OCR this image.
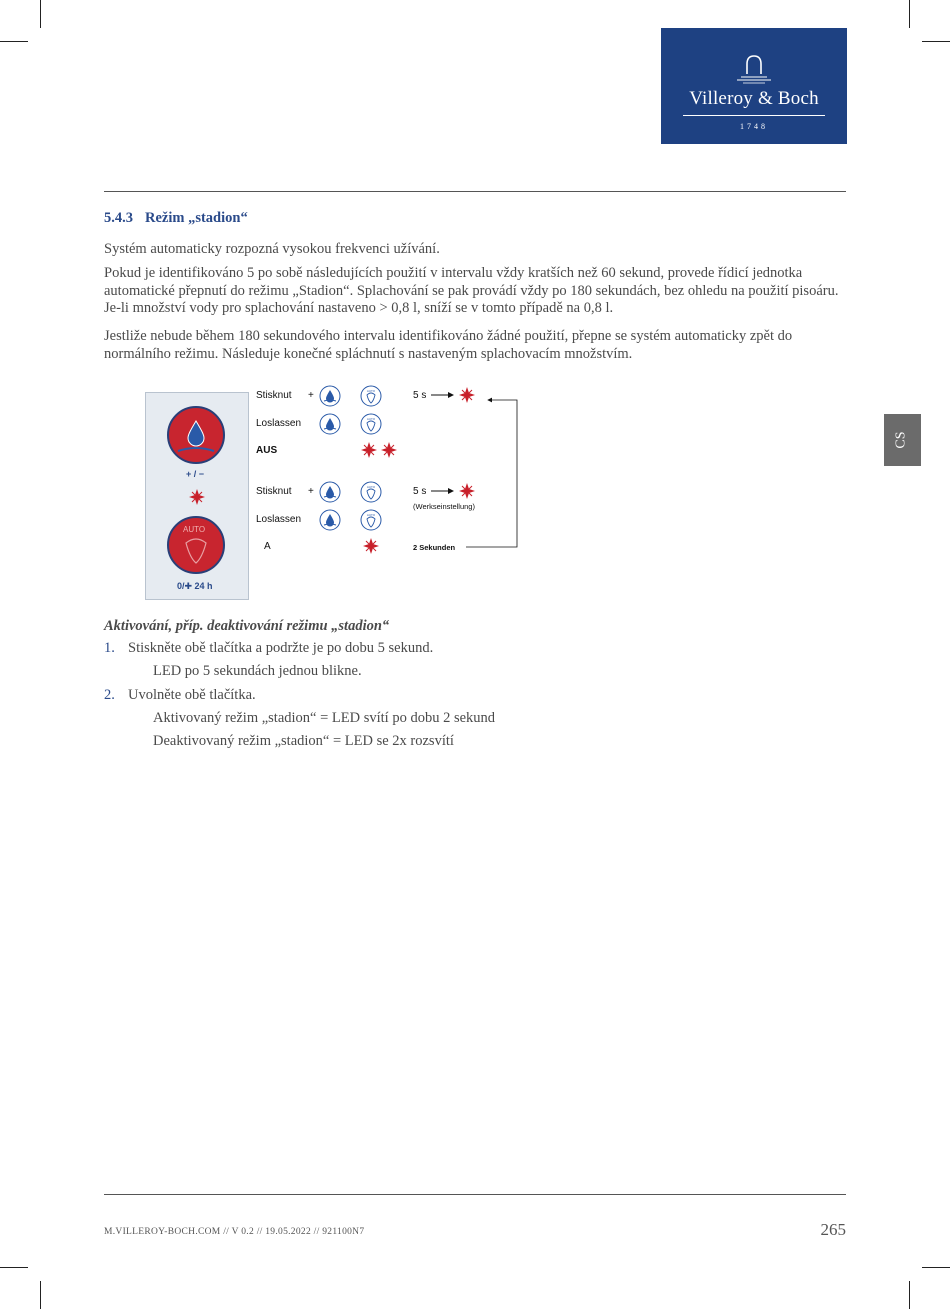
Villeroy & Boch
1748
CS
5.4.3 Režim „stadion“
Systém automaticky rozpozná vysokou frekvenci užívání.
Pokud je identifikováno 5 po sobě následujících použití v intervalu vždy kratších než 60 sekund, provede řídicí jednotka automatické přepnutí do režimu „Stadion“. Splachování se pak provádí vždy po 180 sekundách, bez ohledu na použití pisoáru. Je-li množství vody pro splachování nastaveno > 0,8 l, sníží se v tomto případě na 0,8 l.
Jestliže nebude během 180 sekundového intervalu identifikováno žádné použití, přepne se systém automaticky zpět do normálního režimu. Následuje konečné spláchnutí s nastaveným splachovacím množstvím.
+ / −
AUTO
0/✚ 24 h
Stisknut +
Loslassen
AUS
Stisknut +
Loslassen
A
5 s
5 s
(Werkseinstellung)
2 Sekunden
AUTO
Aktivování, příp. deaktivování režimu „stadion“
1. Stiskněte obě tlačítka a podržte je po dobu 5 sekund.
LED po 5 sekundách jednou blikne.
2. Uvolněte obě tlačítka.
Aktivovaný režim „stadion“ = LED svítí po dobu 2 sekund
Deaktivovaný režim „stadion“ = LED se 2x rozsvítí
M.VILLEROY-BOCH.COM // V 0.2 // 19.05.2022 // 921100N7	265
